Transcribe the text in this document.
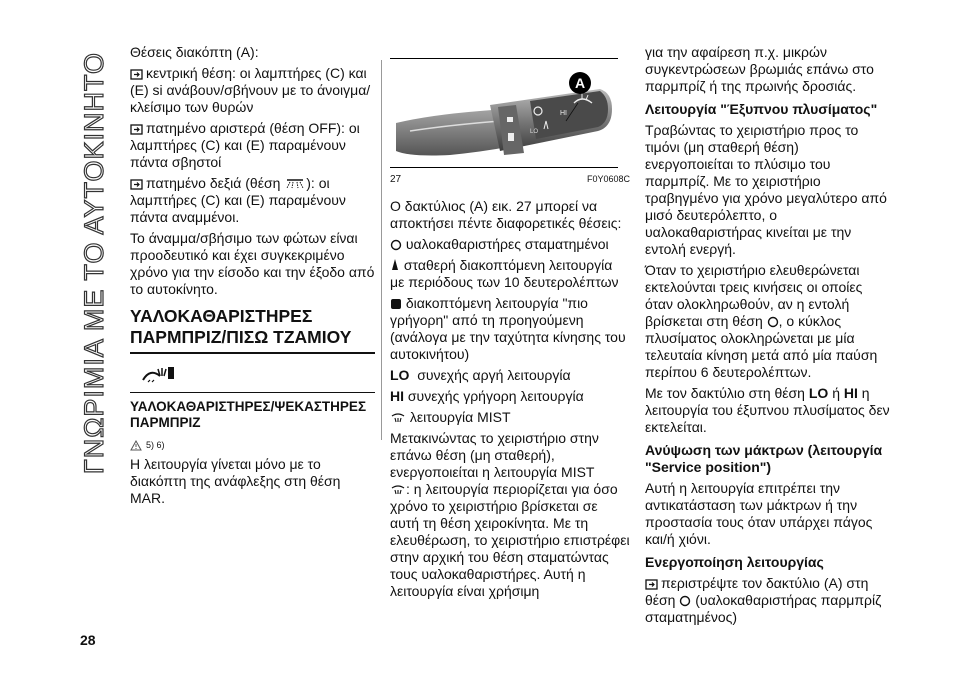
ΓΝΩΡΙΜΙΑ ΜΕ ΤΟ ΑΥΤΟΚΙΝΗΤΟ	Θέσεις διακόπτη (A):

κεντρική θέση: οι λαμπτήρες (C) και (E) si ανάβουν/σβήνουν με το άνοιγμα/κλείσιμο των θυρών

πατημένο αριστερά (θέση OFF): οι λαμπτήρες (C) και (E) παραμένουν πάντα σβηστοί

πατημένο δεξιά (θέση ): οι λαμπτήρες (C) και (E) παραμένουν πάντα αναμμένοι.

Το άναμμα/σβήσιμο των φώτων είναι προοδευτικό και έχει συγκεκριμένο χρόνο για την είσοδο και την έξοδο από το αυτοκίνητο.

ΥΑΛΟΚΑΘΑΡΙΣΤΗΡΕΣ ΠΑΡΜΠΡΙΖ/ΠΙΣΩ ΤΖΑΜΙΟΥ
ΥΑΛΟΚΑΘΑΡΙΣΤΗΡΕΣ/ΨΕΚΑΣΤΗΡΕΣ ΠΑΡΜΠΡΙΖ
5) 6)

Η λειτουργία γίνεται μόνο με το διακόπτη της ανάφλεξης στη θέση MAR.

HI
LO
A
27	F0Y0608C

Ο δακτύλιος (A) εικ. 27 μπορεί να αποκτήσει πέντε διαφορετικές θέσεις:

υαλοκαθαριστήρες σταματημένοι

σταθερή διακοπτόμενη λειτουργία με περιόδους των 10 δευτερολέπτων

διακοπτόμενη λειτουργία "πιο γρήγορη" από τη προηγούμενη (ανάλογα με την ταχύτητα κίνησης του αυτοκινήτου)

LO συνεχής αργή λειτουργία

HI συνεχής γρήγορη λειτουργία

λειτουργία MIST

Μετακινώντας το χειριστήριο στην επάνω θέση (μη σταθερή), ενεργοποιείται η λειτουργία MIST

: η λειτουργία περιορίζεται για όσο χρόνο το χειριστήριο βρίσκεται σε αυτή τη θέση χειροκίνητα. Με τη ελευθέρωση, το χειριστήριο επιστρέφει στην αρχική του θέση σταματώντας τους υαλοκαθαριστήρες. Αυτή η λειτουργία είναι χρήσιμη

για την αφαίρεση π.χ. μικρών συγκεντρώσεων βρωμιάς επάνω στο παρμπρίζ ή της πρωινής δροσιάς.

Λειτουργία "Έξυπνου πλυσίματος"

Τραβώντας το χειριστήριο προς το τιμόνι (μη σταθερή θέση) ενεργοποιείται το πλύσιμο του παρμπρίζ. Με το χειριστήριο τραβηγμένο για χρόνο μεγαλύτερο από μισό δευτερόλεπτο, ο υαλοκαθαριστήρας κινείται με την εντολή ενεργή.

Όταν το χειριστήριο ελευθερώνεται εκτελούνται τρεις κινήσεις οι οποίες όταν ολοκληρωθούν, αν η εντολή βρίσκεται στη θέση , ο κύκλος πλυσίματος ολοκληρώνεται με μία τελευταία κίνηση μετά από μία παύση περίπου 6 δευτερολέπτων.

Με τον δακτύλιο στη θέση LO ή HI η λειτουργία του έξυπνου πλυσίματος δεν εκτελείται.

Ανύψωση των μάκτρων (λειτουργία "Service position")

Αυτή η λειτουργία επιτρέπει την αντικατάσταση των μάκτρων ή την προστασία τους όταν υπάρχει πάγος και/ή χιόνι.

Ενεργοποίηση λειτουργίας

περιστρέψτε τον δακτύλιο (A) στη θέση (υαλοκαθαριστήρας παρμπρίζ σταματημένος)

28
